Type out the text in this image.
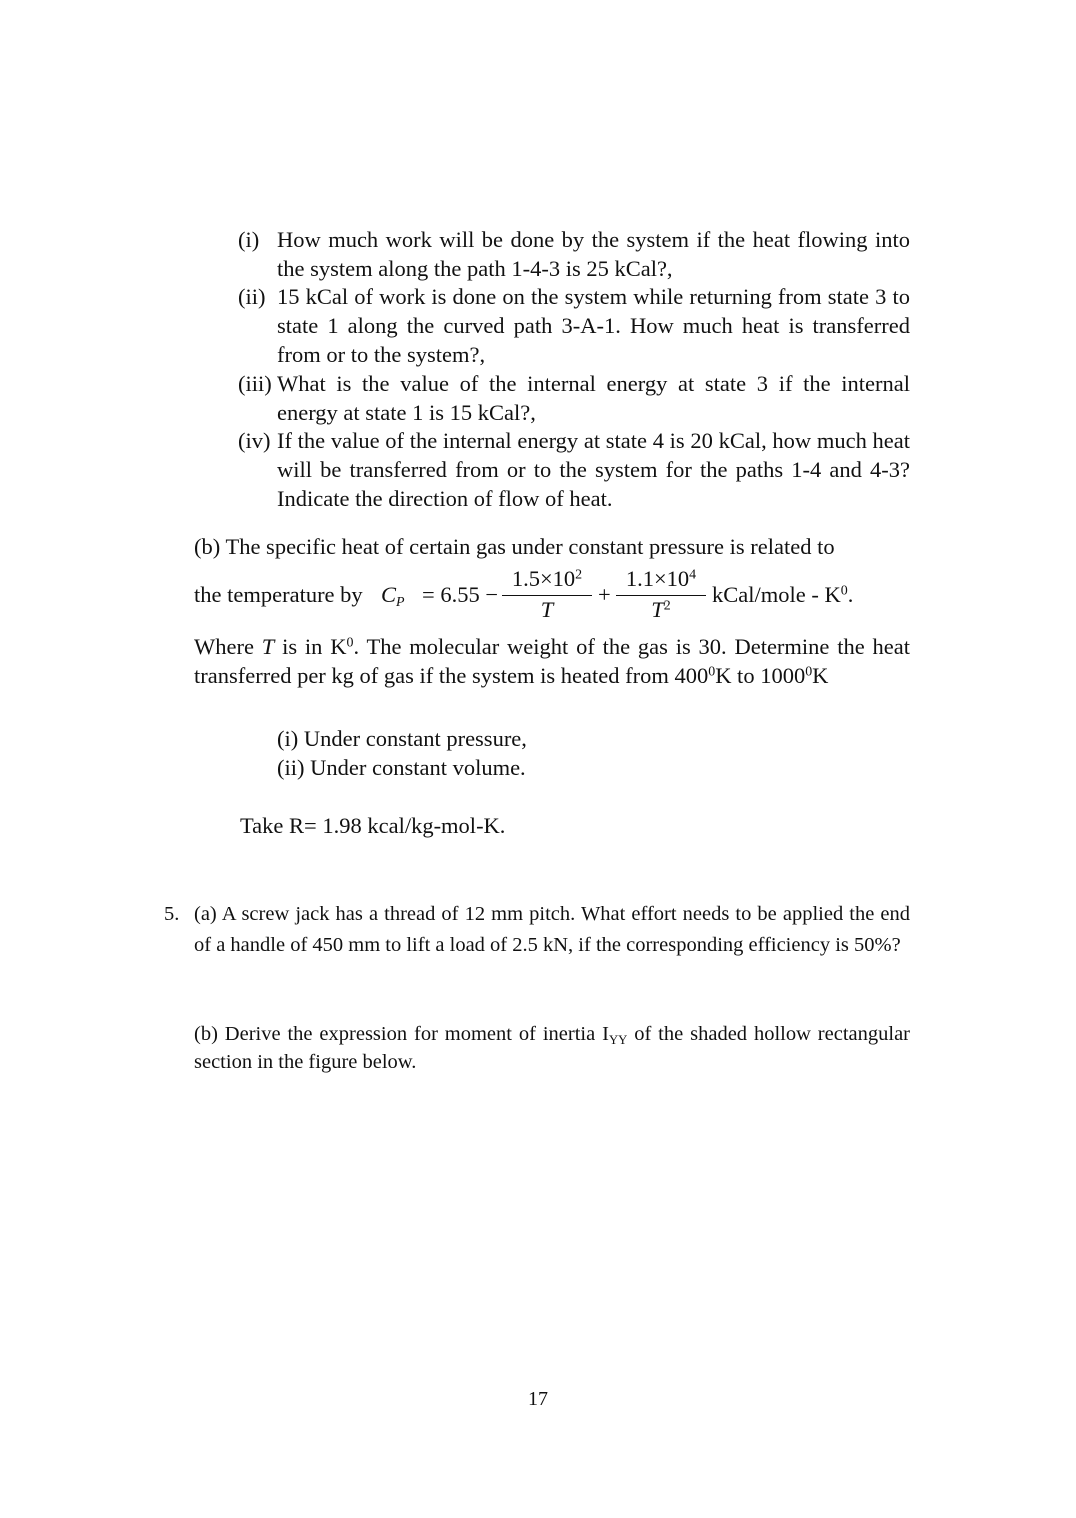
(i) How much work will be done by the system if the heat flowing into the system along the path 1-4-3 is 25 kCal?,
(ii) 15 kCal of work is done on the system while returning from state 3 to state 1 along the curved path 3-A-1. How much heat is transferred from or to the system?,
(iii) What is the value of the internal energy at state 3 if the internal energy at state 1 is 15 kCal?,
(iv) If the value of the internal energy at state 4 is 20 kCal, how much heat will be transferred from or to the system for the paths 1-4 and 4-3? Indicate the direction of flow of heat.
(b) The specific heat of certain gas under constant pressure is related to
the temperature by $C_P = 6.55 - \frac{1.5\times 10^2}{T} + \frac{1.1\times 10^4}{T^2}$ kCal/mole - $K^0$.
Where T is in $K^0$. The molecular weight of the gas is 30. Determine the heat transferred per kg of gas if the system is heated from $400^0K$ to 1000$^0$K
(i) Under constant pressure,
(ii) Under constant volume.
Take R= 1.98 kcal/kg-mol-K.
5. (a) A screw jack has a thread of 12 mm pitch. What effort needs to be applied the end of a handle of 450 mm to lift a load of 2.5 kN, if the corresponding efficiency is 50%?
(b) Derive the expression for moment of inertia $I_{YY}$ of the shaded hollow rectangular section in the figure below.
17
